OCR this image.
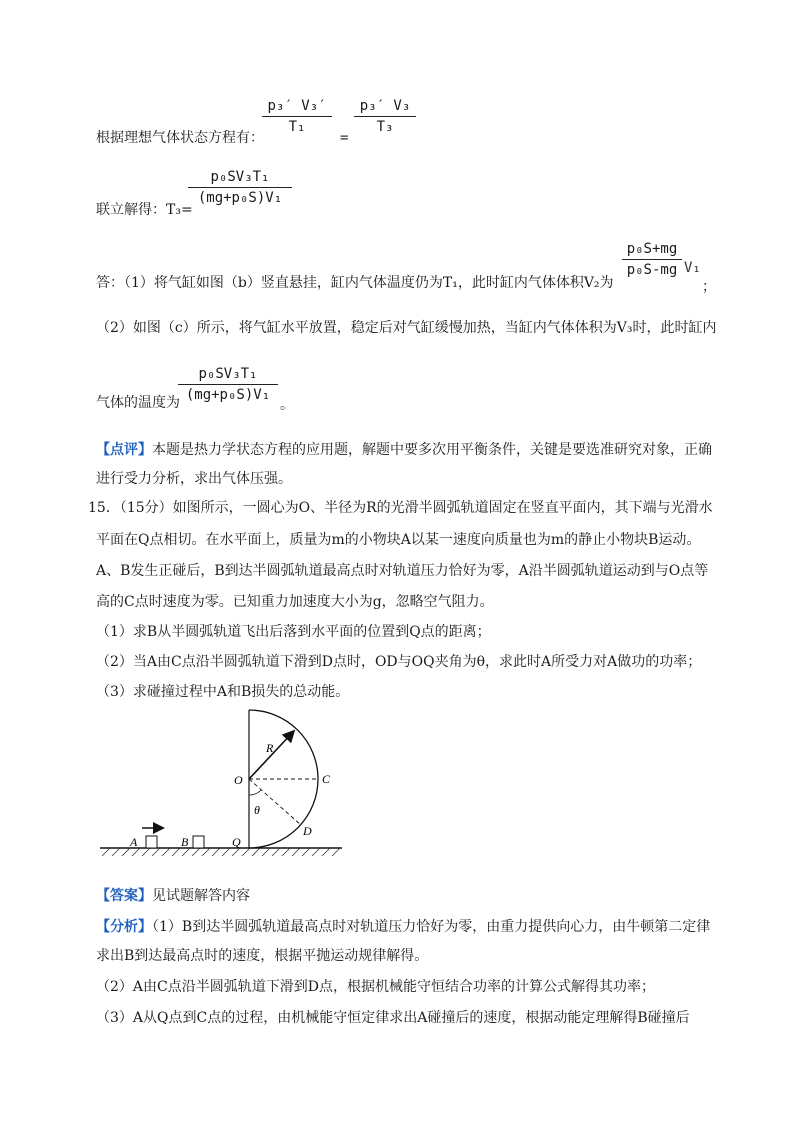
p₃′ V₃′
T₁
根据理想气体状态方程有：	=
p₃′ V₃
T₃
联立解得：T₃=
p₀SV₃T₁
(mg+p₀S)V₁
答：（1）将气缸如图（b）竖直悬挂，缸内气体温度仍为T₁，此时缸内气体体积V₂为
p₀S+mg
p₀S-mg V₁
；
（2）如图（c）所示，将气缸水平放置，稳定后对气缸缓慢加热，当缸内气体体积为V₃时，此时缸内
气体的温度为
p₀SV₃T₁
(mg+p₀S)V₁
。
【点评】本题是热力学状态方程的应用题，解题中要多次用平衡条件，关键是要选准研究对象，正确
进行受力分析，求出气体压强。
15．（15分）如图所示，一圆心为O、半径为R的光滑半圆弧轨道固定在竖直平面内，其下端与光滑水
平面在Q点相切。在水平面上，质量为m的小物块A以某一速度向质量也为m的静止小物块B运动。
A、B发生正碰后，B到达半圆弧轨道最高点时对轨道压力恰好为零，A沿半圆弧轨道运动到与O点等
高的C点时速度为零。已知重力加速度大小为g，忽略空气阻力。
（1）求B从半圆弧轨道飞出后落到水平面的位置到Q点的距离；
（2）当A由C点沿半圆弧轨道下滑到D点时，OD与OQ夹角为θ，求此时A所受力对A做功的功率；
（3）求碰撞过程中A和B损失的总动能。
A	B	Q
O	C
D
R
θ
【答案】见试题解答内容
【分析】（1）B到达半圆弧轨道最高点时对轨道压力恰好为零，由重力提供向心力，由牛顿第二定律
求出B到达最高点时的速度，根据平抛运动规律解得。
（2）A由C点沿半圆弧轨道下滑到D点，根据机械能守恒结合功率的计算公式解得其功率；
（3）A从Q点到C点的过程，由机械能守恒定律求出A碰撞后的速度，根据动能定理解得B碰撞后
